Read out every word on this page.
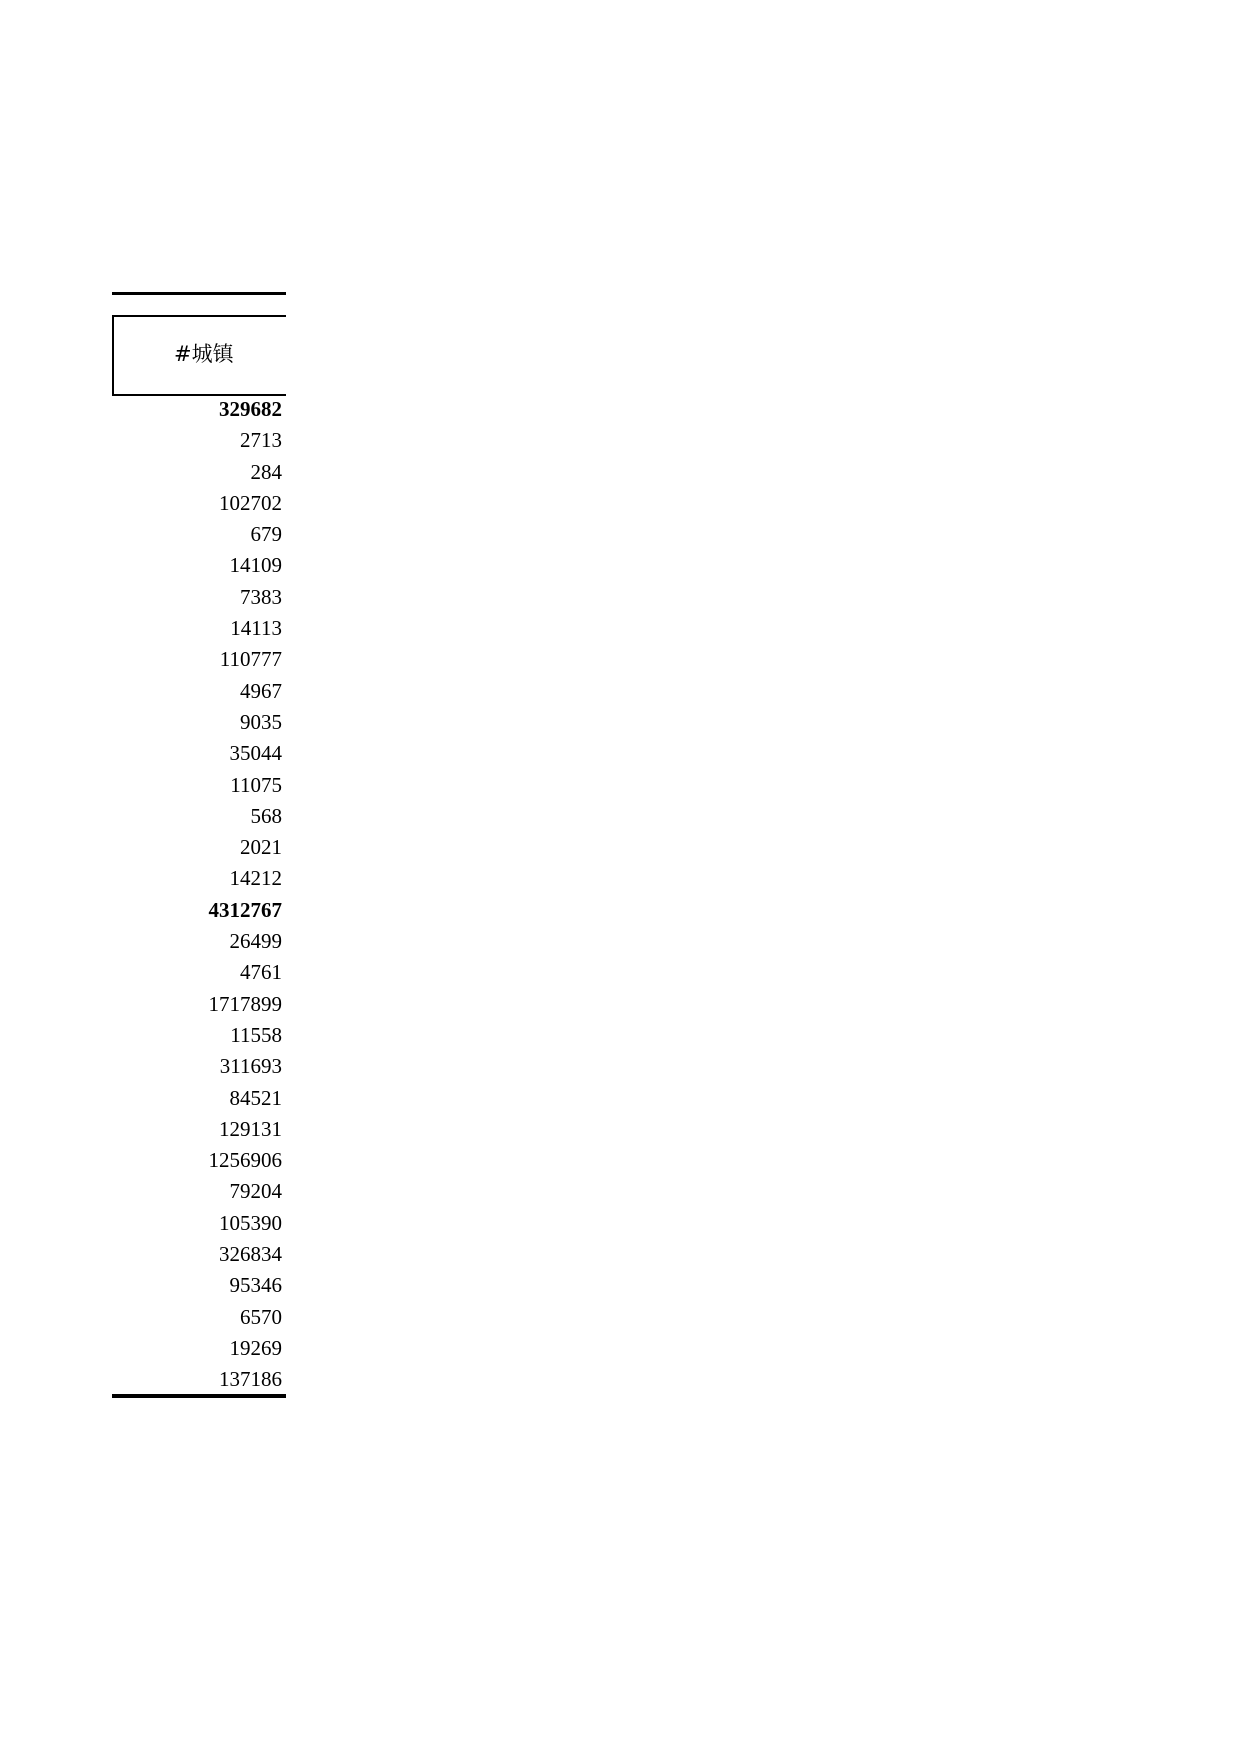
#城镇
329682
2713
284
102702
679
14109
7383
14113
110777
4967
9035
35044
11075
568
2021
14212
4312767
26499
4761
1717899
11558
311693
84521
129131
1256906
79204
105390
326834
95346
6570
19269
137186
